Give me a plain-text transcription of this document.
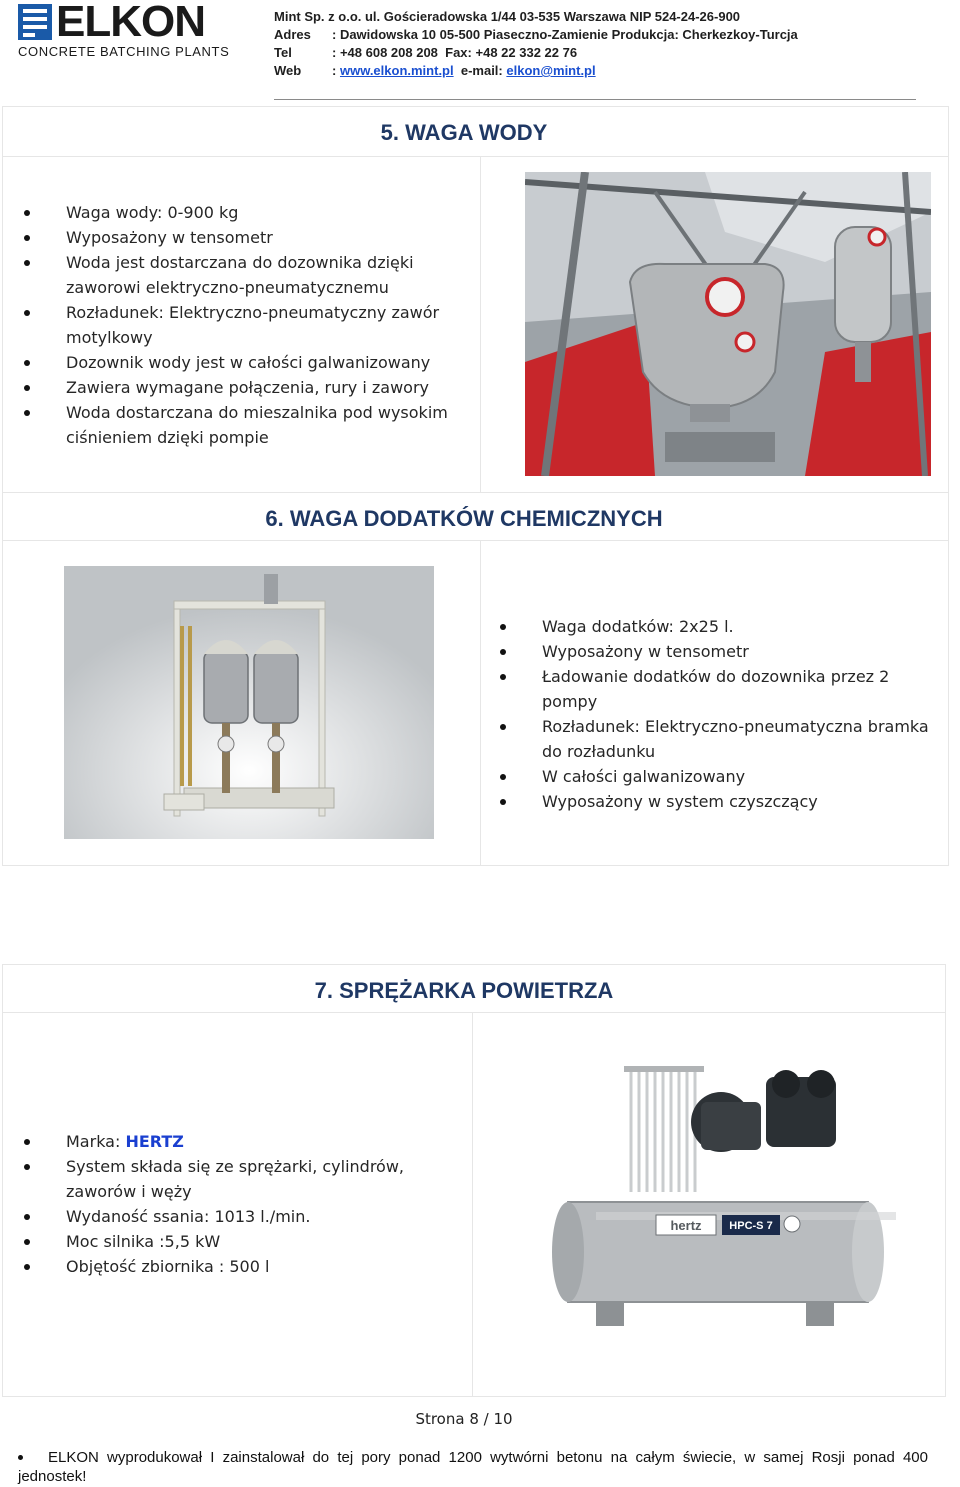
ELKON
CONCRETE BATCHING PLANTS
Mint Sp. z o.o. ul. Gościeradowska 1/44 03-535 Warszawa NIP 524-24-26-900
Adres : Dawidowska 10 05-500 Piaseczno-Zamienie Produkcja: Cherkezkoy-Turcja
Tel	: +48 608 208 208 Fax: +48 22 332 22 76
Web : www.elkon.mint.pl e-mail: elkon@mint.pl
5. WAGA WODY
Waga wody: 0-900 kg
Wyposażony w tensometr
Woda jest dostarczana do dozownika dzięki zaworowi elektryczno-pneumatycznemu
Rozładunek: Elektryczno-pneumatyczny zawór motylkowy
Dozownik wody jest w całości galwanizowany
Zawiera wymagane połączenia, rury i zawory
Woda dostarczana do mieszalnika pod wysokim ciśnieniem dzięki pompie
6. WAGA DODATKÓW CHEMICZNYCH
Waga dodatków: 2x25 l.
Wyposażony w tensometr
Ładowanie dodatków do dozownika przez 2 pompy
Rozładunek: Elektryczno-pneumatyczna bramka do rozładunku
W całości galwanizowany
Wyposażony w system czyszczący
7. SPRĘŻARKA POWIETRZA
Marka: HERTZ
System składa się ze sprężarki, cylindrów, zaworów i węży
Wydaność ssania: 1013 l./min.
Moc silnika :5,5 kW
Objętość zbiornika : 500 l
hertz	HPC-S 7
Strona 8 / 10
ELKON wyprodukował I zainstalował do tej pory ponad 1200 wytwórni betonu na całym świecie, w samej Rosji ponad 400 jednostek!
